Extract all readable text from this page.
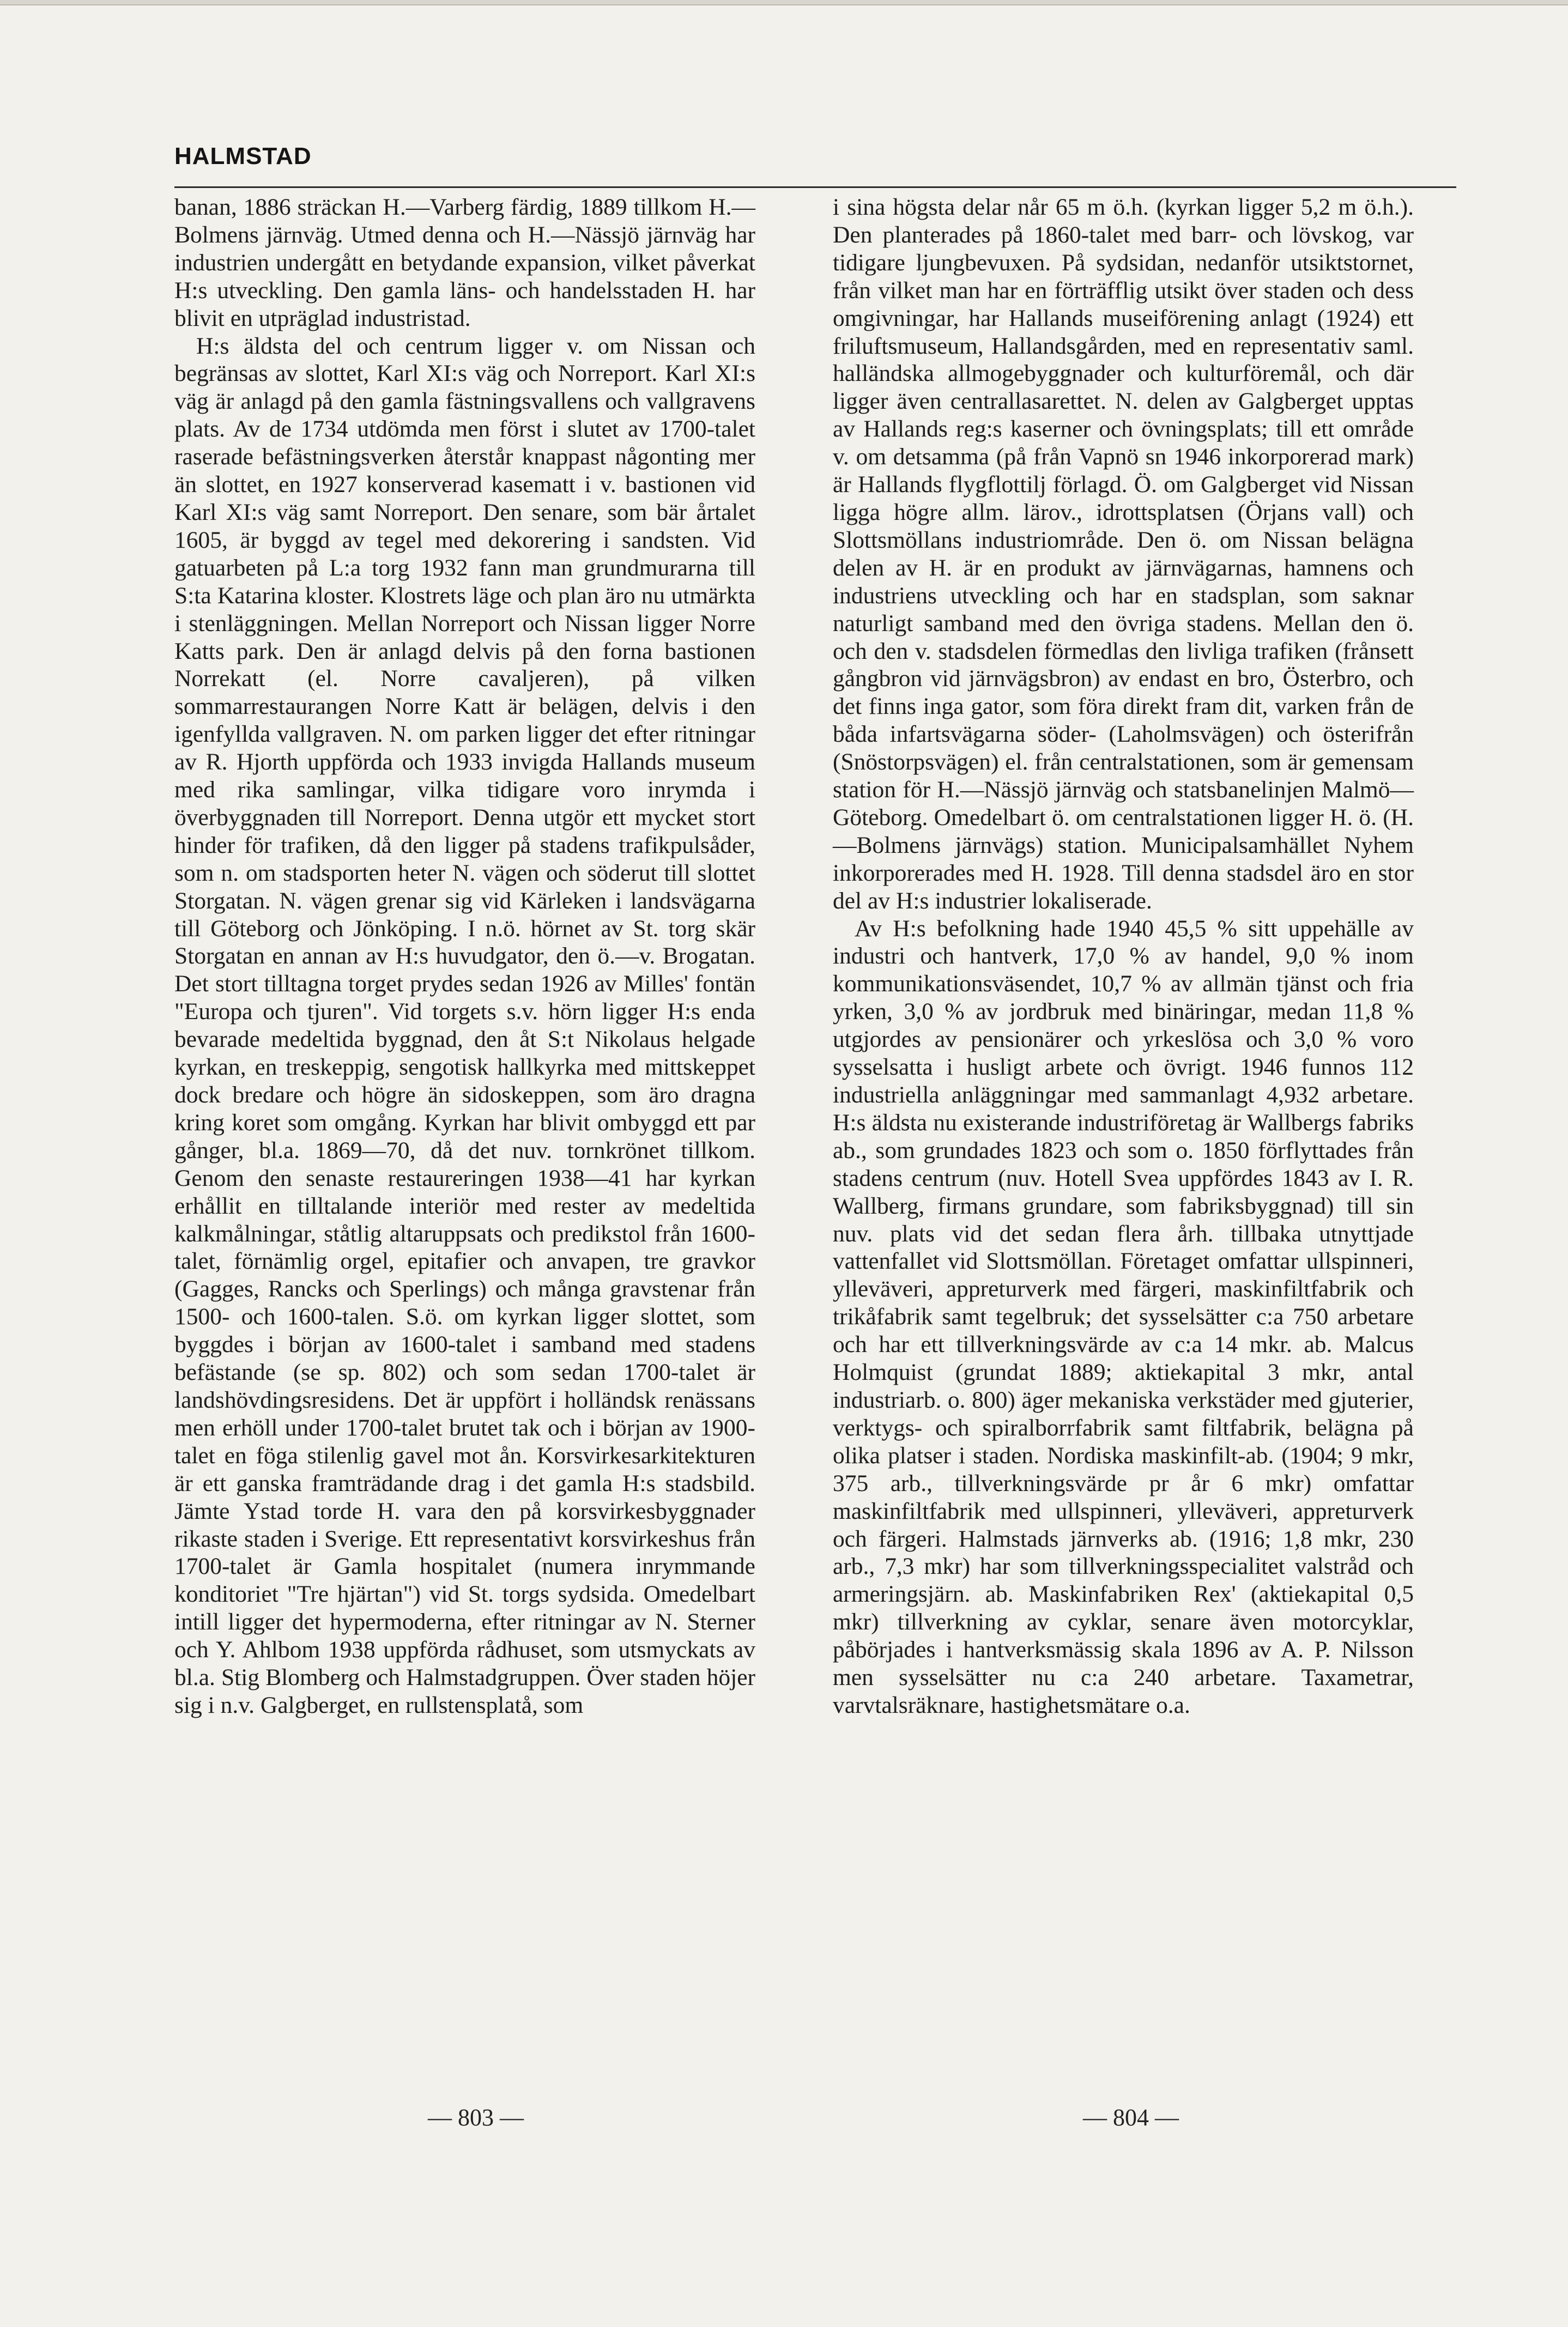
HALMSTAD

banan, 1886 sträckan H.—Varberg färdig, 1889 tillkom H.—Bolmens järnväg. Utmed denna och H.—Nässjö järnväg har industrien undergått en betydande expansion, vilket påverkat H:s utveckling. Den gamla läns- och handelsstaden H. har blivit en utpräglad industristad.

H:s äldsta del och centrum ligger v. om Nissan och begränsas av slottet, Karl XI:s väg och Norreport. Karl XI:s väg är anlagd på den gamla fästningsvallens och vallgravens plats. Av de 1734 utdömda men först i slutet av 1700-talet raserade befästningsverken återstår knappast någonting mer än slottet, en 1927 konserverad kasematt i v. bastionen vid Karl XI:s väg samt Norreport. Den senare, som bär årtalet 1605, är byggd av tegel med dekorering i sandsten. Vid gatuarbeten på L:a torg 1932 fann man grundmurarna till S:ta Katarina kloster. Klostrets läge och plan äro nu utmärkta i stenläggningen. Mellan Norreport och Nissan ligger Norre Katts park. Den är anlagd delvis på den forna bastionen Norrekatt (el. Norre cavaljeren), på vilken sommarrestaurangen Norre Katt är belägen, delvis i den igenfyllda vallgraven. N. om parken ligger det efter ritningar av R. Hjorth uppförda och 1933 invigda Hallands museum med rika samlingar, vilka tidigare voro inrymda i överbyggnaden till Norreport. Denna utgör ett mycket stort hinder för trafiken, då den ligger på stadens trafikpulsåder, som n. om stadsporten heter N. vägen och söderut till slottet Storgatan. N. vägen grenar sig vid Kärleken i landsvägarna till Göteborg och Jönköping. I n.ö. hörnet av St. torg skär Storgatan en annan av H:s huvudgator, den ö.—v. Brogatan. Det stort tilltagna torget prydes sedan 1926 av Milles' fontän "Europa och tjuren". Vid torgets s.v. hörn ligger H:s enda bevarade medeltida byggnad, den åt S:t Nikolaus helgade kyrkan, en treskeppig, sengotisk hallkyrka med mittskeppet dock bredare och högre än sidoskeppen, som äro dragna kring koret som omgång. Kyrkan har blivit ombyggd ett par gånger, bl.a. 1869—70, då det nuv. tornkrönet tillkom. Genom den senaste restaureringen 1938—41 har kyrkan erhållit en tilltalande interiör med rester av medeltida kalkmålningar, ståtlig altaruppsats och predikstol från 1600-talet, förnämlig orgel, epitafier och anvapen, tre gravkor (Gagges, Rancks och Sperlings) och många gravstenar från 1500- och 1600-talen. S.ö. om kyrkan ligger slottet, som byggdes i början av 1600-talet i samband med stadens befästande (se sp. 802) och som sedan 1700-talet är landshövdingsresidens. Det är uppfört i holländsk renässans men erhöll under 1700-talet brutet tak och i början av 1900-talet en föga stilenlig gavel mot ån. Korsvirkesarkitekturen är ett ganska framträdande drag i det gamla H:s stadsbild. Jämte Ystad torde H. vara den på korsvirkesbyggnader rikaste staden i Sverige. Ett representativt korsvirkeshus från 1700-talet är Gamla hospitalet (numera inrymmande konditoriet "Tre hjärtan") vid St. torgs sydsida. Omedelbart intill ligger det hypermoderna, efter ritningar av N. Sterner och Y. Ahlbom 1938 uppförda rådhuset, som utsmyckats av bl.a. Stig Blomberg och Halmstadgruppen. Över staden höjer sig i n.v. Galgberget, en rullstensplatå, som

i sina högsta delar når 65 m ö.h. (kyrkan ligger 5,2 m ö.h.). Den planterades på 1860-talet med barr- och lövskog, var tidigare ljungbevuxen. På sydsidan, nedanför utsiktstornet, från vilket man har en förträfflig utsikt över staden och dess omgivningar, har Hallands museiförening anlagt (1924) ett friluftsmuseum, Hallandsgården, med en representativ saml. halländska allmogebyggnader och kulturföremål, och där ligger även centrallasarettet. N. delen av Galgberget upptas av Hallands reg:s kaserner och övningsplats; till ett område v. om detsamma (på från Vapnö sn 1946 inkorporerad mark) är Hallands flygflottilj förlagd. Ö. om Galgberget vid Nissan ligga högre allm. lärov., idrottsplatsen (Örjans vall) och Slottsmöllans industriområde. Den ö. om Nissan belägna delen av H. är en produkt av järnvägarnas, hamnens och industriens utveckling och har en stadsplan, som saknar naturligt samband med den övriga stadens. Mellan den ö. och den v. stadsdelen förmedlas den livliga trafiken (frånsett gångbron vid järnvägsbron) av endast en bro, Österbro, och det finns inga gator, som föra direkt fram dit, varken från de båda infartsvägarna söder- (Laholmsvägen) och österifrån (Snöstorpsvägen) el. från centralstationen, som är gemensam station för H.—Nässjö järnväg och statsbanelinjen Malmö—Göteborg. Omedelbart ö. om centralstationen ligger H. ö. (H.—Bolmens järnvägs) station. Municipalsamhället Nyhem inkorporerades med H. 1928. Till denna stadsdel äro en stor del av H:s industrier lokaliserade.

Av H:s befolkning hade 1940 45,5 % sitt uppehälle av industri och hantverk, 17,0 % av handel, 9,0 % inom kommunikationsväsendet, 10,7 % av allmän tjänst och fria yrken, 3,0 % av jordbruk med binäringar, medan 11,8 % utgjordes av pensionärer och yrkeslösa och 3,0 % voro sysselsatta i husligt arbete och övrigt. 1946 funnos 112 industriella anläggningar med sammanlagt 4,932 arbetare. H:s äldsta nu existerande industriföretag är Wallbergs fabriks ab., som grundades 1823 och som o. 1850 förflyttades från stadens centrum (nuv. Hotell Svea uppfördes 1843 av I. R. Wallberg, firmans grundare, som fabriksbyggnad) till sin nuv. plats vid det sedan flera årh. tillbaka utnyttjade vattenfallet vid Slottsmöllan. Företaget omfattar ullspinneri, ylleväveri, appreturverk med färgeri, maskinfiltfabrik och trikåfabrik samt tegelbruk; det sysselsätter c:a 750 arbetare och har ett tillverkningsvärde av c:a 14 mkr. ab. Malcus Holmquist (grundat 1889; aktiekapital 3 mkr, antal industriarb. o. 800) äger mekaniska verkstäder med gjuterier, verktygs- och spiralborrfabrik samt filtfabrik, belägna på olika platser i staden. Nordiska maskinfilt-ab. (1904; 9 mkr, 375 arb., tillverkningsvärde pr år 6 mkr) omfattar maskinfiltfabrik med ullspinneri, ylleväveri, appreturverk och färgeri. Halmstads järnverks ab. (1916; 1,8 mkr, 230 arb., 7,3 mkr) har som tillverkningsspecialitet valstråd och armeringsjärn. ab. Maskinfabriken Rex' (aktiekapital 0,5 mkr) tillverkning av cyklar, senare även motorcyklar, påbörjades i hantverksmässig skala 1896 av A. P. Nilsson men sysselsätter nu c:a 240 arbetare. Taxametrar, varvtalsräknare, hastighetsmätare o.a.

— 803 —	— 804 —
